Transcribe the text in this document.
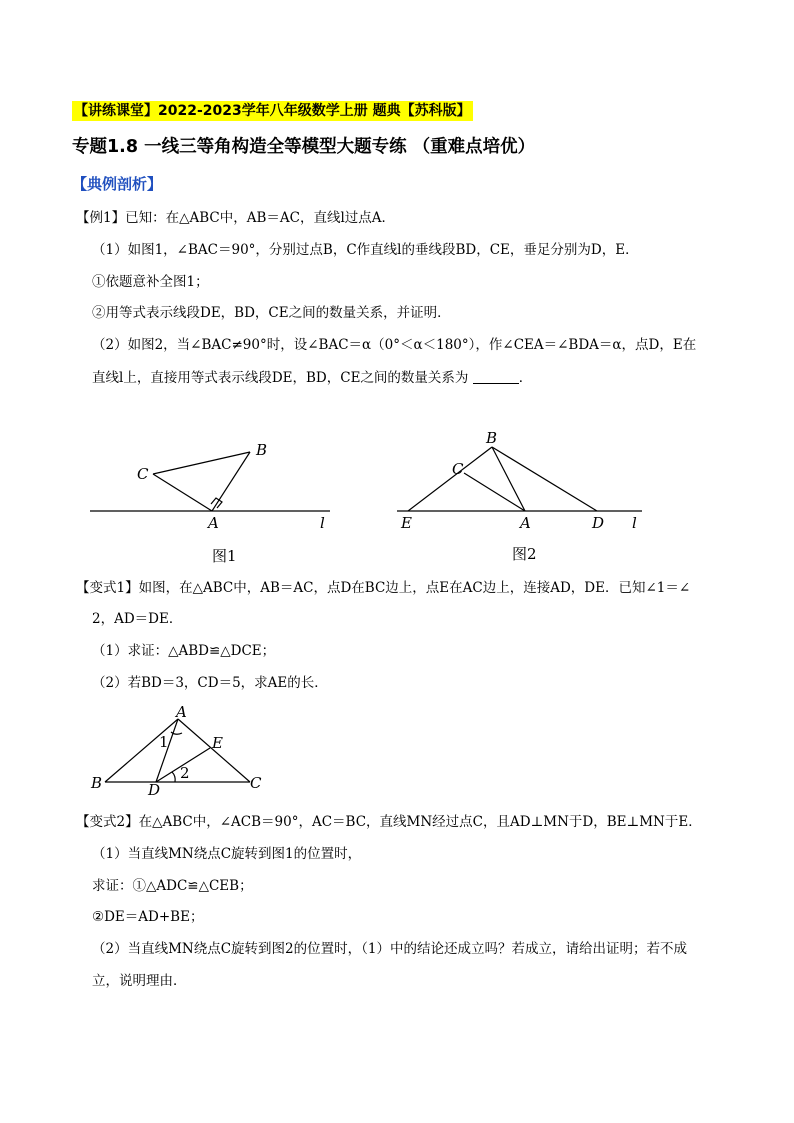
【讲练课堂】2022-2023学年八年级数学上册 题典【苏科版】
专题1.8 一线三等角构造全等模型大题专练 （重难点培优）
【典例剖析】
【例1】已知：在△ABC中，AB＝AC，直线l过点A．
（1）如图1，∠BAC＝90°，分别过点B，C作直线l的垂线段BD，CE，垂足分别为D，E．
①依题意补全图1；
②用等式表示线段DE，BD，CE之间的数量关系，并证明．
（2）如图2，当∠BAC≠90°时，设∠BAC＝α（0°＜α＜180°），作∠CEA＝∠BDA＝α，点D，E在
直线l上，直接用等式表示线段DE，BD，CE之间的数量关系为	．
C
B
A	l
图1
B
C
E	A	D l
图2
A
B	C
D
E
1
2
【变式1】如图，在△ABC中，AB＝AC，点D在BC边上，点E在AC边上，连接AD，DE．已知∠1＝∠
2，AD＝DE．
（1）求证：△ABD≌△DCE；
（2）若BD＝3，CD＝5，求AE的长．
【变式2】在△ABC中，∠ACB＝90°，AC＝BC，直线MN经过点C，且AD⊥MN于D，BE⊥MN于E．
（1）当直线MN绕点C旋转到图1的位置时，
求证：①△ADC≌△CEB；
②DE＝AD+BE；
（2）当直线MN绕点C旋转到图2的位置时，（1）中的结论还成立吗？若成立，请给出证明；若不成
立，说明理由．
